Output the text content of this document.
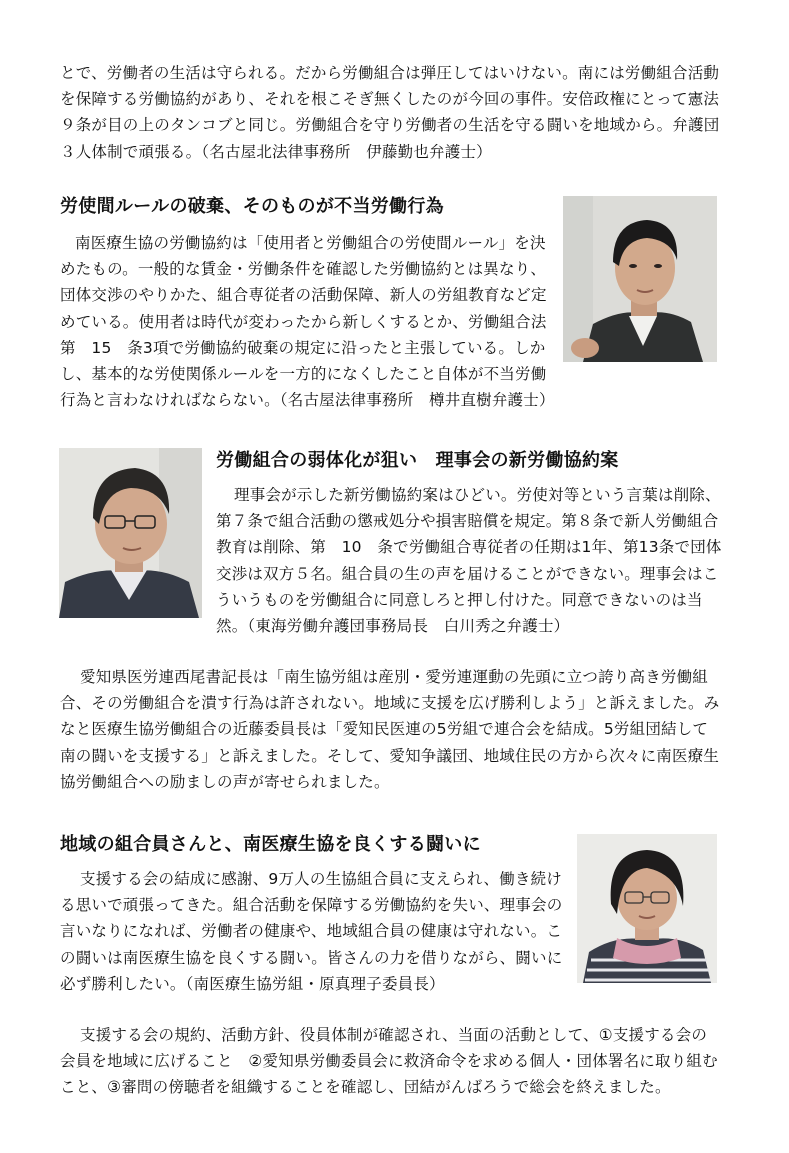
とで、労働者の生活は守られる。だから労働組合は弾圧してはいけない。南には労働組合活動を保障する労働協約があり、それを根こそぎ無くしたのが今回の事件。安倍政権にとって憲法９条が目の上のタンコブと同じ。労働組合を守り労働者の生活を守る闘いを地域から。弁護団３人体制で頑張る。（名古屋北法律事務所　伊藤勤也弁護士）

労使間ルールの破棄、そのものが不当労働行為

南医療生協の労働協約は「使用者と労働組合の労使間ルール」を決めたもの。一般的な賃金・労働条件を確認した労働協約とは異なり、団体交渉のやりかた、組合専従者の活動保障、新人の労組教育など定めている。使用者は時代が変わったから新しくするとか、労働組合法第　15　条3項で労働協約破棄の規定に沿ったと主張している。しかし、基本的な労使関係ルールを一方的になくしたこと自体が不当労働行為と言わなければならない。（名古屋法律事務所　樽井直樹弁護士）

労働組合の弱体化が狙い　理事会の新労働協約案

理事会が示した新労働協約案はひどい。労使対等という言葉は削除、第７条で組合活動の懲戒処分や損害賠償を規定。第８条で新人労働組合教育は削除、第　10　条で労働組合専従者の任期は1年、第13条で団体交渉は双方５名。組合員の生の声を届けることができない。理事会はこういうものを労働組合に同意しろと押し付けた。同意できないのは当然。（東海労働弁護団事務局長　白川秀之弁護士）

愛知県医労連西尾書記長は「南生協労組は産別・愛労連運動の先頭に立つ誇り高き労働組合、その労働組合を潰す行為は許されない。地域に支援を広げ勝利しよう」と訴えました。みなと医療生協労働組合の近藤委員長は「愛知民医連の5労組で連合会を結成。5労組団結して南の闘いを支援する」と訴えました。そして、愛知争議団、地域住民の方から次々に南医療生協労働組合への励ましの声が寄せられました。

地域の組合員さんと、南医療生協を良くする闘いに

支援する会の結成に感謝、9万人の生協組合員に支えられ、働き続ける思いで頑張ってきた。組合活動を保障する労働協約を失い、理事会の言いなりになれば、労働者の健康や、地域組合員の健康は守れない。この闘いは南医療生協を良くする闘い。皆さんの力を借りながら、闘いに必ず勝利したい。（南医療生協労組・原真理子委員長）

支援する会の規約、活動方針、役員体制が確認され、当面の活動として、①支援する会の会員を地域に広げること　②愛知県労働委員会に救済命令を求める個人・団体署名に取り組むこと、③審問の傍聴者を組織することを確認し、団結がんばろうで総会を終えました。
